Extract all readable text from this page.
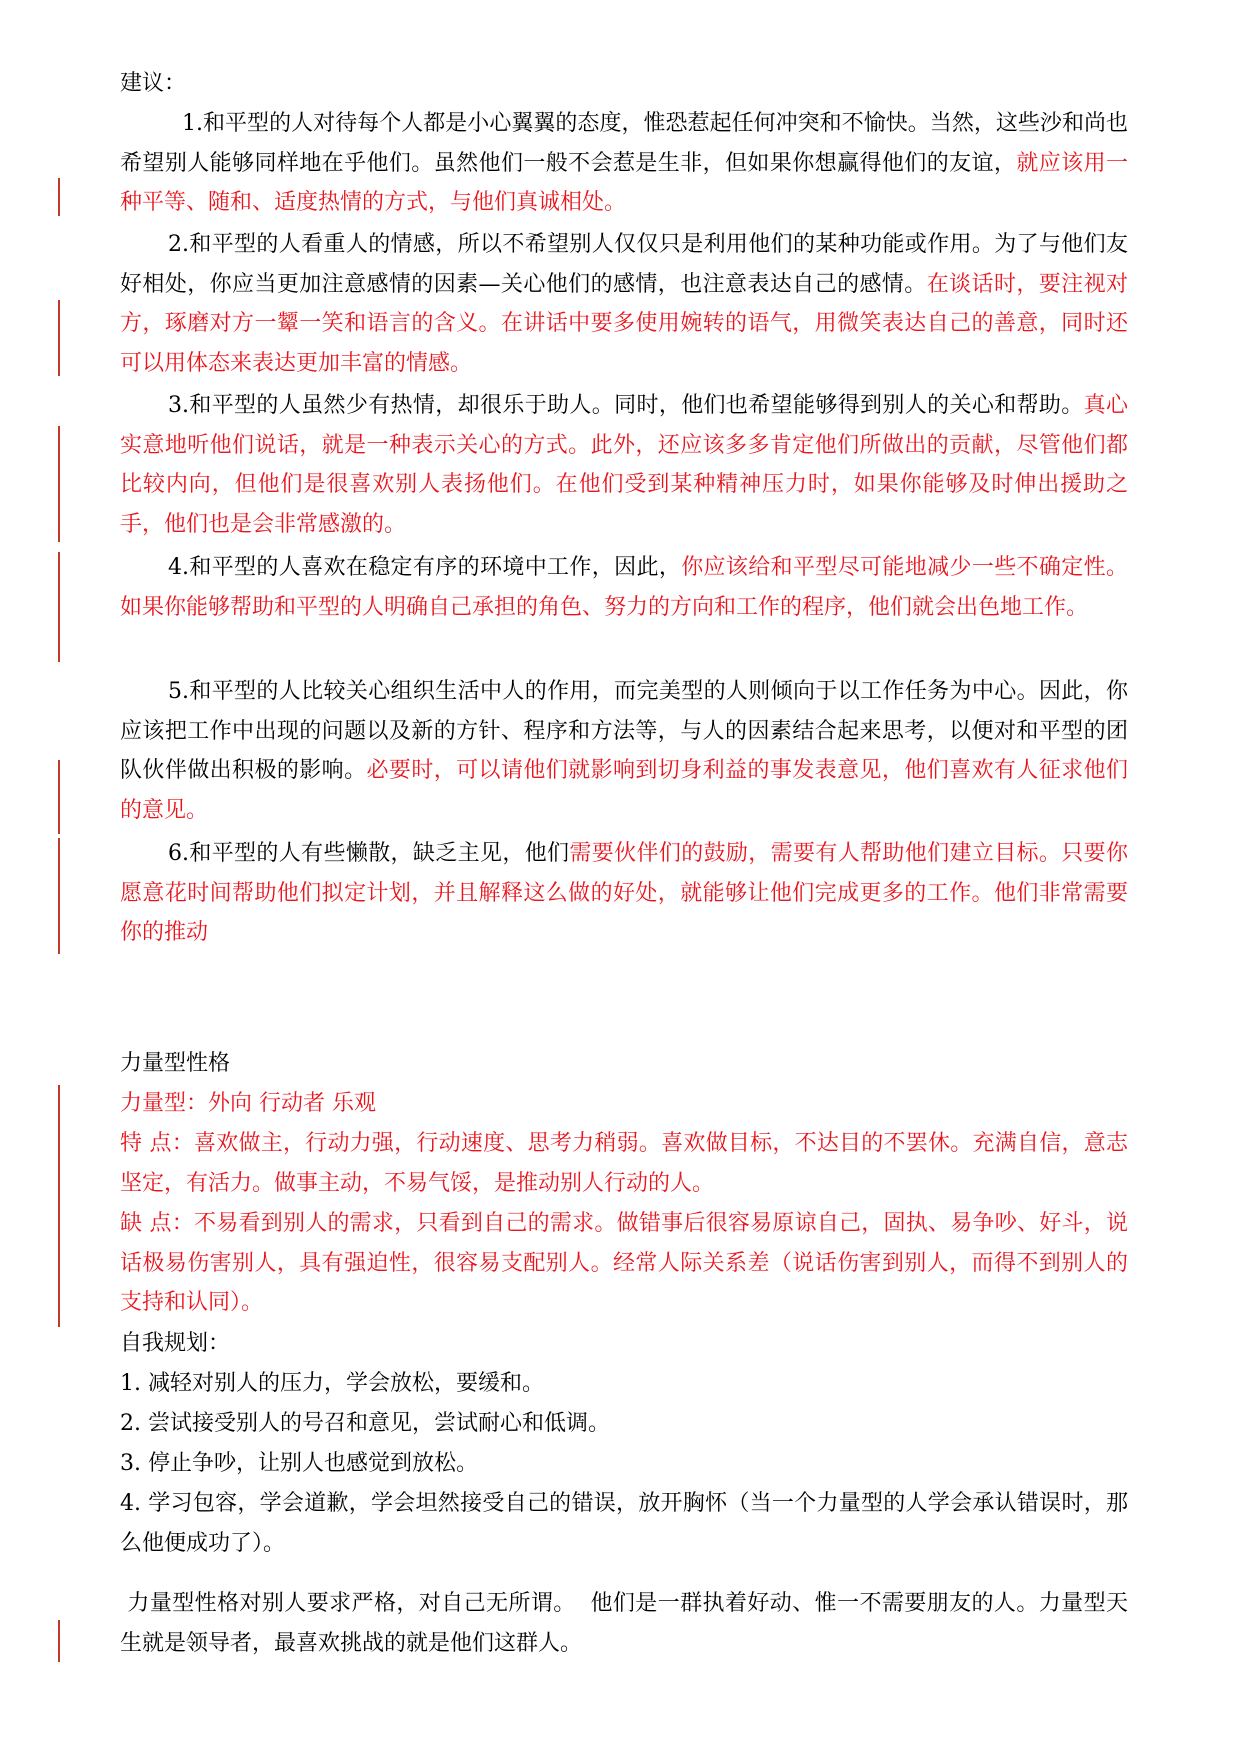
建议：

1.和平型的人对待每个人都是小心翼翼的态度，惟恐惹起任何冲突和不愉快。当然，这些沙和尚也希望别人能够同样地在乎他们。虽然他们一般不会惹是生非，但如果你想赢得他们的友谊，就应该用一种平等、随和、适度热情的方式，与他们真诚相处。

2.和平型的人看重人的情感，所以不希望别人仅仅只是利用他们的某种功能或作用。为了与他们友好相处，你应当更加注意感情的因素—关心他们的感情，也注意表达自己的感情。在谈话时，要注视对方，琢磨对方一颦一笑和语言的含义。在讲话中要多使用婉转的语气，用微笑表达自己的善意，同时还可以用体态来表达更加丰富的情感。

3.和平型的人虽然少有热情，却很乐于助人。同时，他们也希望能够得到别人的关心和帮助。真心实意地听他们说话，就是一种表示关心的方式。此外，还应该多多肯定他们所做出的贡献，尽管他们都比较内向，但他们是很喜欢别人表扬他们。在他们受到某种精神压力时，如果你能够及时伸出援助之手，他们也是会非常感激的。

4.和平型的人喜欢在稳定有序的环境中工作，因此，你应该给和平型尽可能地减少一些不确定性。如果你能够帮助和平型的人明确自己承担的角色、努力的方向和工作的程序，他们就会出色地工作。

5.和平型的人比较关心组织生活中人的作用，而完美型的人则倾向于以工作任务为中心。因此，你应该把工作中出现的问题以及新的方针、程序和方法等，与人的因素结合起来思考，以便对和平型的团队伙伴做出积极的影响。必要时，可以请他们就影响到切身利益的事发表意见，他们喜欢有人征求他们的意见。

6.和平型的人有些懒散，缺乏主见，他们需要伙伴们的鼓励，需要有人帮助他们建立目标。只要你愿意花时间帮助他们拟定计划，并且解释这么做的好处，就能够让他们完成更多的工作。他们非常需要你的推动

力量型性格
力量型：外向 行动者 乐观

特 点：喜欢做主，行动力强，行动速度、思考力稍弱。喜欢做目标，不达目的不罢休。充满自信，意志坚定，有活力。做事主动，不易气馁，是推动别人行动的人。

缺 点：不易看到别人的需求，只看到自己的需求。做错事后很容易原谅自己，固执、易争吵、好斗，说话极易伤害别人，具有强迫性，很容易支配别人。经常人际关系差（说话伤害到别人，而得不到别人的支持和认同）。

自我规划：
1. 减轻对别人的压力，学会放松，要缓和。
2. 尝试接受别人的号召和意见，尝试耐心和低调。
3. 停止争吵，让别人也感觉到放松。

4. 学习包容，学会道歉，学会坦然接受自己的错误，放开胸怀（当一个力量型的人学会承认错误时，那么他便成功了）。

力量型性格对别人要求严格，对自己无所谓。  他们是一群执着好动、惟一不需要朋友的人。力量型天生就是领导者，最喜欢挑战的就是他们这群人。
